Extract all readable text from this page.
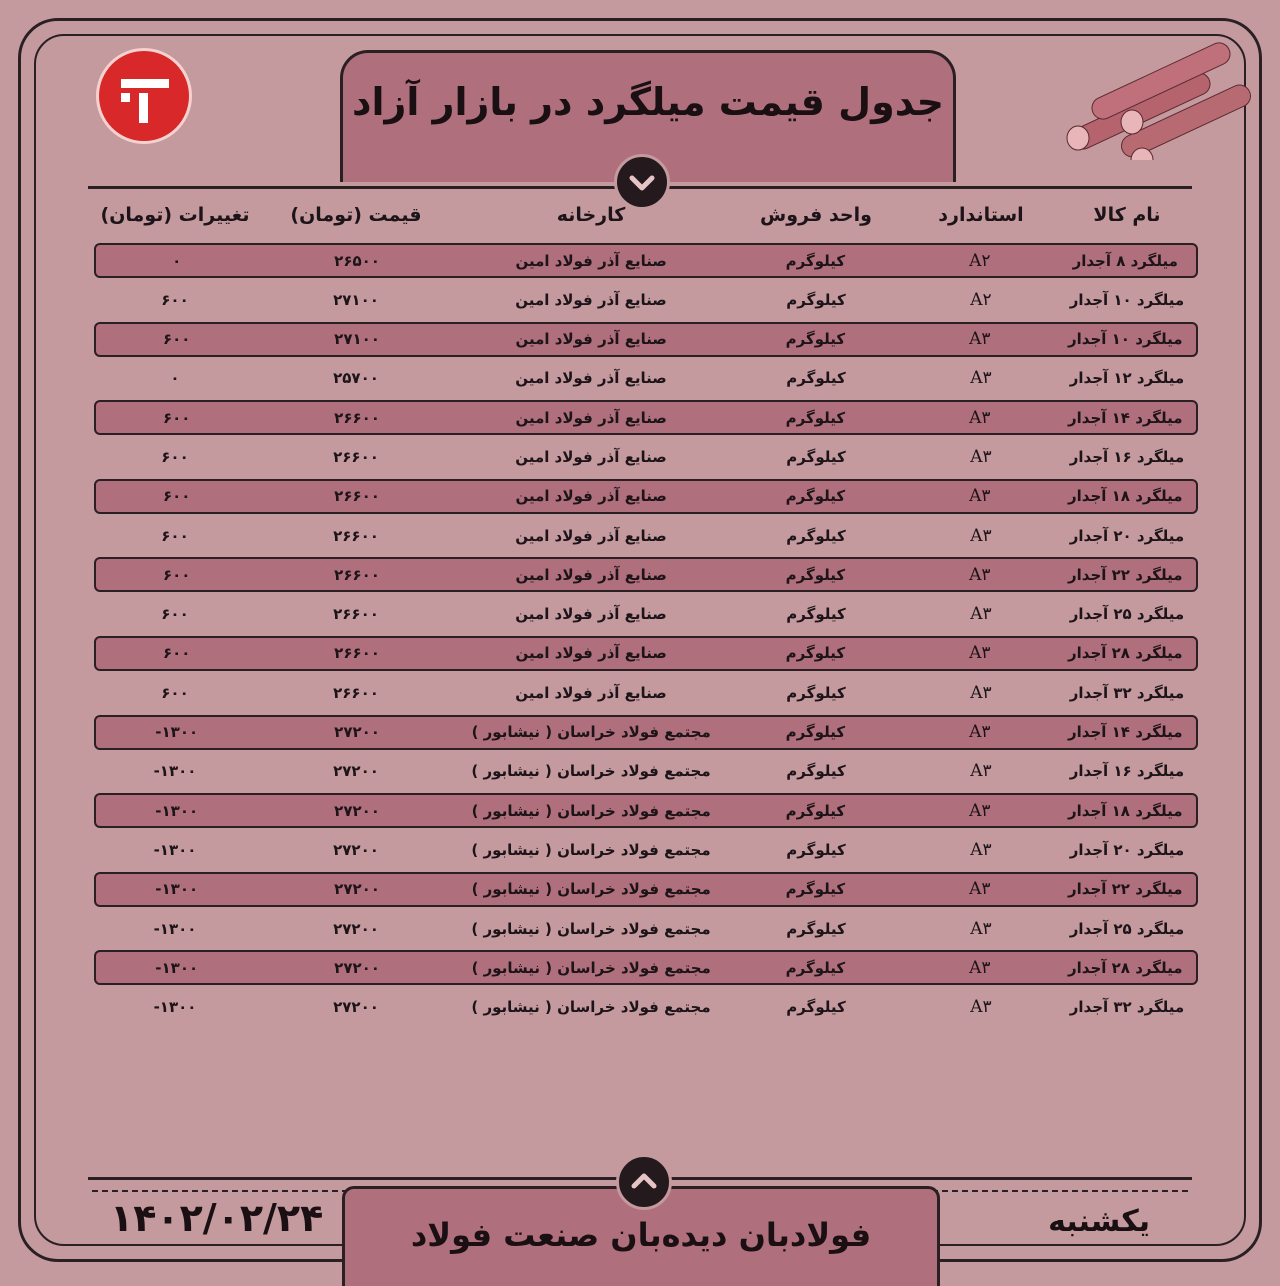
جدول قیمت میلگرد در بازار آزاد
نام کالا
استاندارد
واحد فروش
کارخانه
قیمت (تومان)
تغییرات (تومان)
میلگرد ۸ آجدار
A۲
کیلوگرم
صنایع آذر فولاد امین
۲۶۵۰۰
۰
میلگرد ۱۰ آجدار
A۲
کیلوگرم
صنایع آذر فولاد امین
۲۷۱۰۰
۶۰۰
میلگرد ۱۰ آجدار
A۳
کیلوگرم
صنایع آذر فولاد امین
۲۷۱۰۰
۶۰۰
میلگرد ۱۲ آجدار
A۳
کیلوگرم
صنایع آذر فولاد امین
۲۵۷۰۰
۰
میلگرد ۱۴ آجدار
A۳
کیلوگرم
صنایع آذر فولاد امین
۲۶۶۰۰
۶۰۰
میلگرد ۱۶ آجدار
A۳
کیلوگرم
صنایع آذر فولاد امین
۲۶۶۰۰
۶۰۰
میلگرد ۱۸ آجدار
A۳
کیلوگرم
صنایع آذر فولاد امین
۲۶۶۰۰
۶۰۰
میلگرد ۲۰ آجدار
A۳
کیلوگرم
صنایع آذر فولاد امین
۲۶۶۰۰
۶۰۰
میلگرد ۲۲ آجدار
A۳
کیلوگرم
صنایع آذر فولاد امین
۲۶۶۰۰
۶۰۰
میلگرد ۲۵ آجدار
A۳
کیلوگرم
صنایع آذر فولاد امین
۲۶۶۰۰
۶۰۰
میلگرد ۲۸ آجدار
A۳
کیلوگرم
صنایع آذر فولاد امین
۲۶۶۰۰
۶۰۰
میلگرد ۳۲ آجدار
A۳
کیلوگرم
صنایع آذر فولاد امین
۲۶۶۰۰
۶۰۰
میلگرد ۱۴ آجدار
A۳
کیلوگرم
مجتمع فولاد خراسان ( نیشابور )
۲۷۲۰۰
-۱۳۰۰
میلگرد ۱۶ آجدار
A۳
کیلوگرم
مجتمع فولاد خراسان ( نیشابور )
۲۷۲۰۰
-۱۳۰۰
میلگرد ۱۸ آجدار
A۳
کیلوگرم
مجتمع فولاد خراسان ( نیشابور )
۲۷۲۰۰
-۱۳۰۰
میلگرد ۲۰ آجدار
A۳
کیلوگرم
مجتمع فولاد خراسان ( نیشابور )
۲۷۲۰۰
-۱۳۰۰
میلگرد ۲۲ آجدار
A۳
کیلوگرم
مجتمع فولاد خراسان ( نیشابور )
۲۷۲۰۰
-۱۳۰۰
میلگرد ۲۵ آجدار
A۳
کیلوگرم
مجتمع فولاد خراسان ( نیشابور )
۲۷۲۰۰
-۱۳۰۰
میلگرد ۲۸ آجدار
A۳
کیلوگرم
مجتمع فولاد خراسان ( نیشابور )
۲۷۲۰۰
-۱۳۰۰
میلگرد ۳۲ آجدار
A۳
کیلوگرم
مجتمع فولاد خراسان ( نیشابور )
۲۷۲۰۰
-۱۳۰۰
فولادبان دیده‌بان صنعت فولاد
۱۴۰۲/۰۲/۲۴	یکشنبه
